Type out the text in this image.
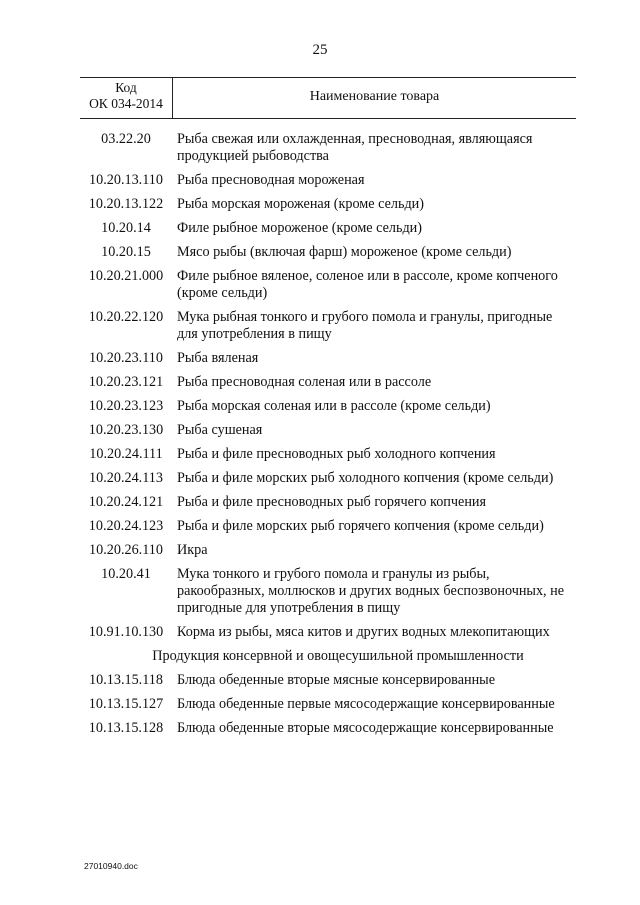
25
Код
ОК 034-2014	Наименование товара
03.22.20	Рыба свежая или охлажденная, пресноводная, являющаяся продукцией рыбоводства
10.20.13.110 Рыба пресноводная мороженая
10.20.13.122 Рыба морская мороженая (кроме сельди)
10.20.14	Филе рыбное мороженое (кроме сельди)
10.20.15	Мясо рыбы (включая фарш) мороженое (кроме сельди)
10.20.21.000 Филе рыбное вяленое, соленое или в рассоле, кроме копченого (кроме сельди)
10.20.22.120 Мука рыбная тонкого и грубого помола и гранулы, пригодные для употребления в пищу
10.20.23.110 Рыба вяленая
10.20.23.121 Рыба пресноводная соленая или в рассоле
10.20.23.123 Рыба морская соленая или в рассоле (кроме сельди)
10.20.23.130 Рыба сушеная
10.20.24.111	Рыба и филе пресноводных рыб холодного копчения
10.20.24.113 Рыба и филе морских рыб холодного копчения (кроме сельди)
10.20.24.121 Рыба и филе пресноводных рыб горячего копчения
10.20.24.123 Рыба и филе морских рыб горячего копчения (кроме сельди)
10.20.26.110 Икра
10.20.41	Мука тонкого и грубого помола и гранулы из рыбы, ракообразных, моллюсков и других водных беспозвоночных, не пригодные для употребления в пищу
10.91.10.130 Корма из рыбы, мяса китов и других водных млекопитающих
Продукция консервной и овощесушильной промышленности
10.13.15.118 Блюда обеденные вторые мясные консервированные
10.13.15.127 Блюда обеденные первые мясосодержащие консервированные
10.13.15.128 Блюда обеденные вторые мясосодержащие консервированные
27010940.doc
